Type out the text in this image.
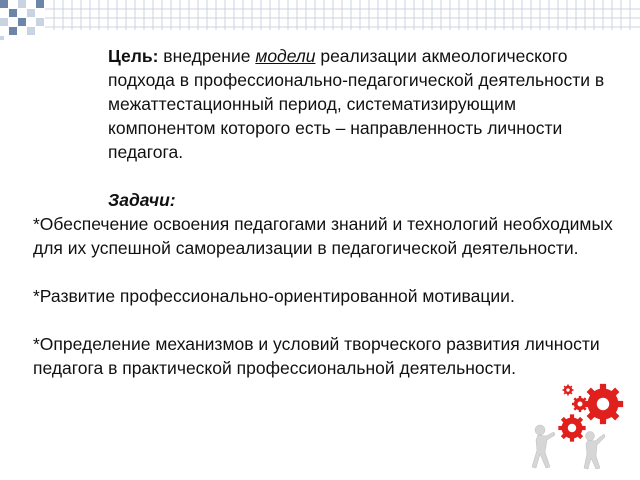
Цель: внедрение модели реализации акмеологического подхода в профессионально-педагогической деятельности в межаттестационный период, систематизирующим компонентом которого есть – направленность личности педагога.

Задачи:

*Обеспечение освоения педагогами знаний и технологий необходимых для их успешной самореализации в педагогической деятельности.

*Развитие профессионально-ориентированной мотивации.

*Определение механизмов и условий творческого развития личности педагога в практической профессиональной деятельности.
